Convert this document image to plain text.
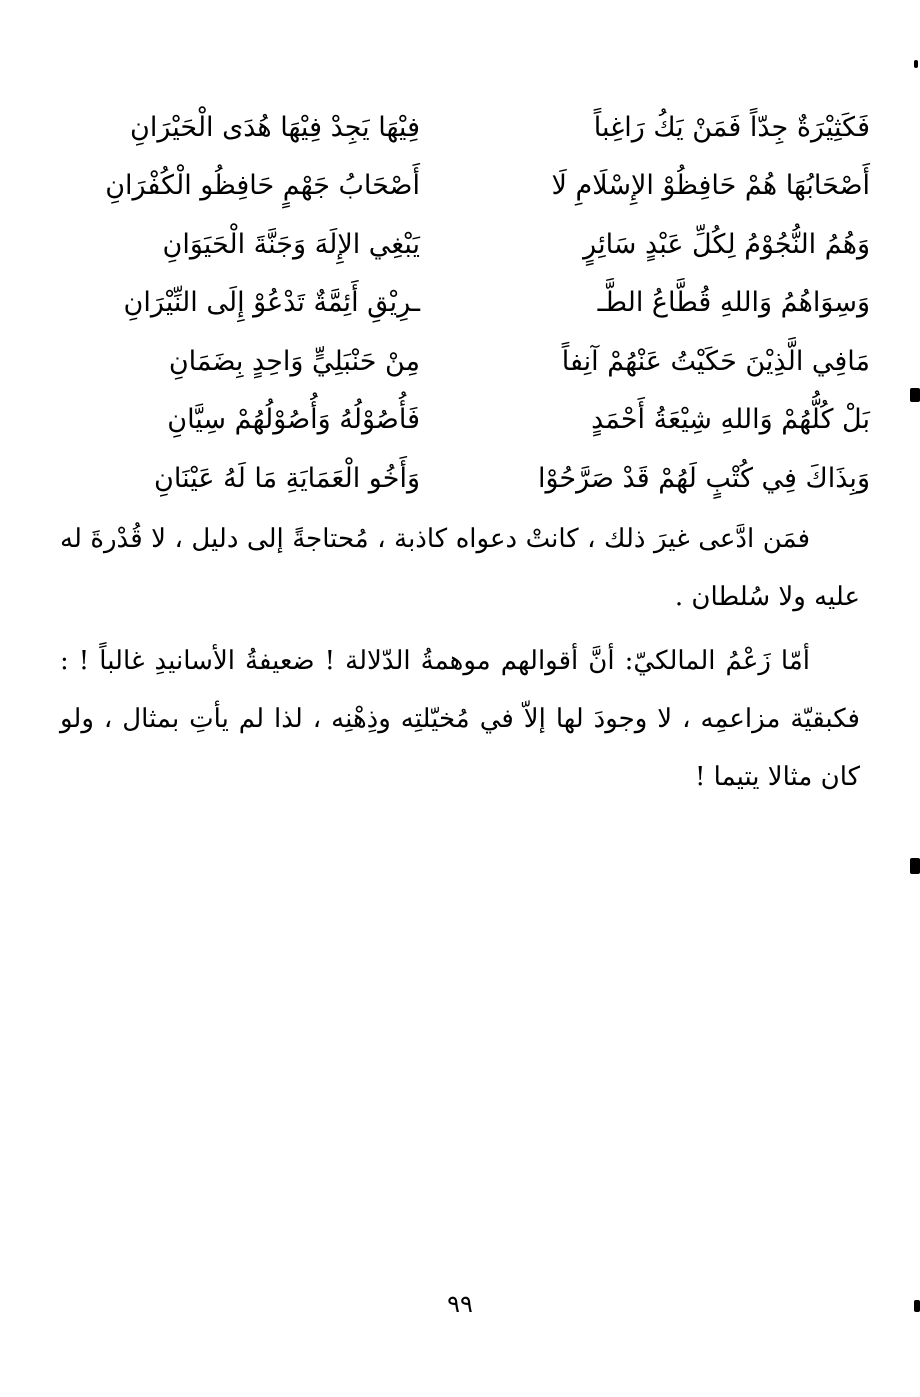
فَكَثِيْرَةٌ جِدّاً فَمَنْ يَكُ رَاغِباً
فِيْهَا يَجِدْ فِيْهَا هُدَى الْحَيْرَانِ
أَصْحَابُهَا هُمْ حَافِظُوْ الإِسْلَامِ لَا
أَصْحَابُ جَهْمٍ حَافِظُو الْكُفْرَانِ
وَهُمُ النُّجُوْمُ لِكُلِّ عَبْدٍ سَائِرٍ
يَبْغِي الإِلَهَ وَجَنَّةَ الْحَيَوَانِ
وَسِوَاهُمُ وَاللهِ قُطَّاعُ الطَّـ
ـرِيْقِ أَئِمَّةٌ تَدْعُوْ إِلَى النِّيْرَانِ
مَافِي الَّذِيْنَ حَكَيْتُ عَنْهُمْ آنِفاً
مِنْ حَنْبَلِيٍّ وَاحِدٍ بِضَمَانِ
بَلْ كُلُّهُمْ وَاللهِ شِيْعَةُ أَحْمَدٍ
فَأُصُوْلُهُ وَأُصُوْلُهُمْ سِيَّانِ
وَبِذَاكَ فِي كُتْبٍ لَهُمْ قَدْ صَرَّحُوْا
وَأَخُو الْعَمَايَةِ مَا لَهُ عَيْنَانِ

فمَن ادَّعى غيرَ ذلك ، كانتْ دعواه كاذبة ، مُحتاجةً إلى دليل ، لا قُدْرةَ له عليه ولا سُلطان .

أمّا زَعْمُ المالكيّ: أنَّ أقوالهم موهمةُ الدّلالة ! ضعيفةُ الأسانيدِ غالباً ! : فكبقيّة مزاعمِه ، لا وجودَ لها إلاّ في مُخيّلتِه وذِهْنِه ، لذا لم يأتِ بمثال ، ولو كان مثالا يتيما !

٩٩
